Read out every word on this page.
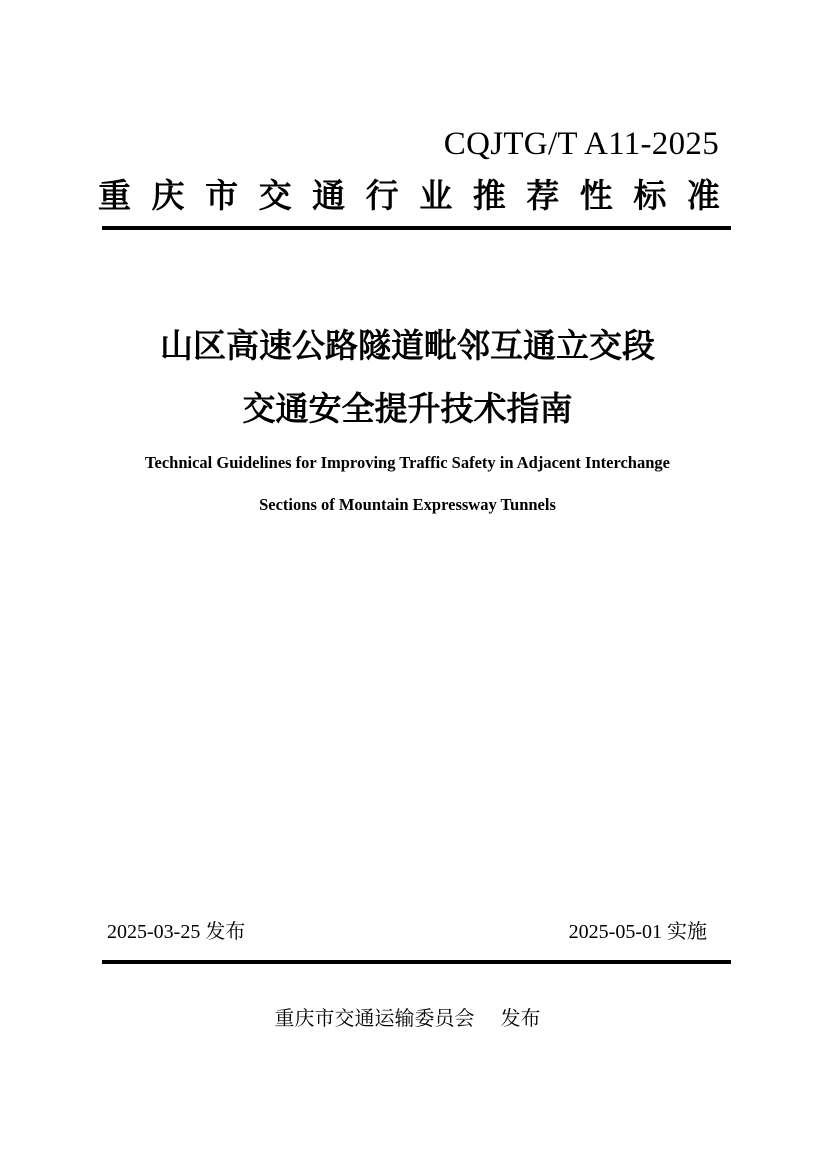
CQJTG/T A11-2025
重 庆 市 交 通 行 业 推 荐 性 标 准
山区高速公路隧道毗邻互通立交段
交通安全提升技术指南
Technical Guidelines for Improving Traffic Safety in Adjacent Interchange
Sections of Mountain Expressway Tunnels
2025-03-25 发布	2025-05-01 实施
重庆市交通运输委员会 发布
